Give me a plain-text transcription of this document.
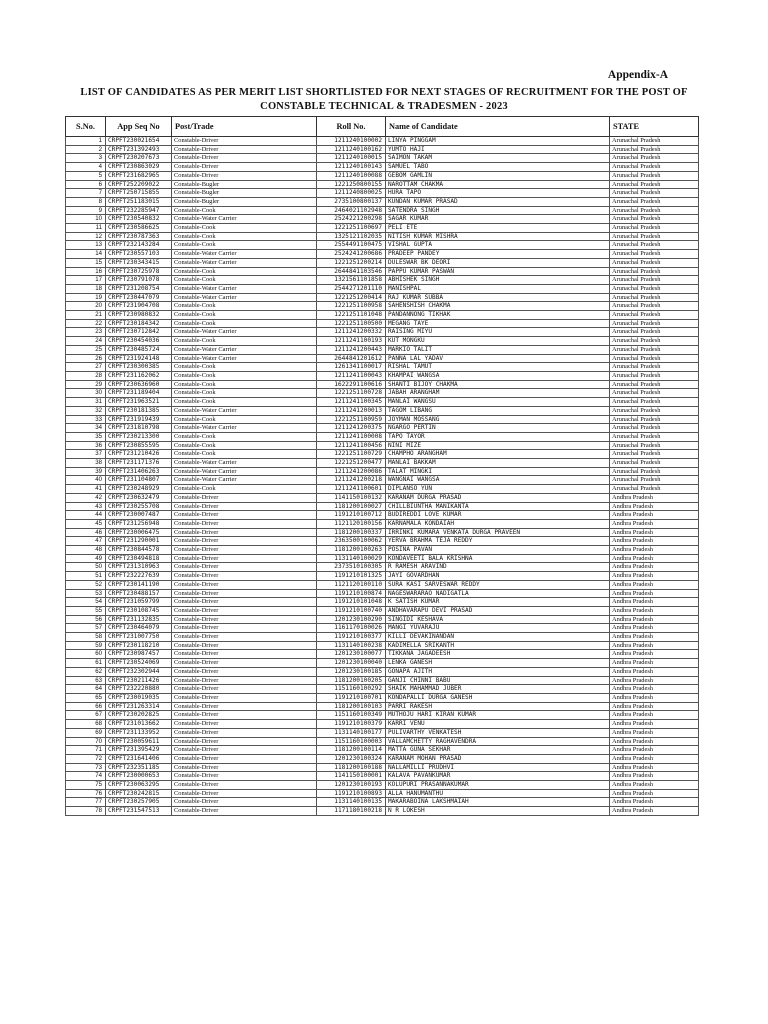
Appendix-A
LIST OF CANDIDATES AS PER MERIT LIST SHORTLISTED FOR NEXT STAGES OF RECRUITMENT FOR THE POST OF
CONSTABLE TECHNICAL & TRADESMEN - 2023
S.No.	App Seq No	Post/Trade	Roll No.	Name of Candidate	STATE
1	CRPFT230021654	Constable-Driver	1211240100002	LINYA PINGGAM	Arunachal Pradesh
2	CRPFT231392493	Constable-Driver	1211240100162	YUMTO HAJI	Arunachal Pradesh
3	CRPFT230207673	Constable-Driver	1211240100015	SAIMON TAKAM	Arunachal Pradesh
4	CRPFT230863029	Constable-Driver	1211240100143	SAMUEL TABO	Arunachal Pradesh
5	CRPFT231682965	Constable-Driver	1211240100088	GEBOM GAMLIN	Arunachal Pradesh
6	CRPFT252209022	Constable-Bugler	1221250800155	NAROTTAM CHAKMA	Arunachal Pradesh
7	CRPFT250715855	Constable-Bugler	1211240800025	HURA TAPO	Arunachal Pradesh
8	CRPFT251183015	Constable-Bugler	2735100800137	KUNDAN KUMAR PRASAD	Arunachal Pradesh
9	CRPFT232285947	Constable-Cook	2464021102948	SATENDRA SINGH	Arunachal Pradesh
10	CRPFT230540832	Constable-Water Carrier	2524221200298	SAGAR KUMAR	Arunachal Pradesh
11	CRPFT230586625	Constable-Cook	1221251100697	PELI ETE	Arunachal Pradesh
12	CRPFT230787363	Constable-Cook	1325121102035	NITISH KUMAR MISHRA	Arunachal Pradesh
13	CRPFT232143284	Constable-Cook	2554491100475	VISHAL GUPTA	Arunachal Pradesh
14	CRPFT230557103	Constable-Water Carrier	2524241200686	PRADEEP PANDEY	Arunachal Pradesh
15	CRPFT230343415	Constable-Water Carrier	1221251200214	DULESWAR BK DEORI	Arunachal Pradesh
16	CRPFT230725978	Constable-Cook	2644841103546	PAPPU KUMAR PASWAN	Arunachal Pradesh
17	CRPFT230791078	Constable-Cook	1321561101858	ABHISHEK SINGH	Arunachal Pradesh
18	CRPFT231208754	Constable-Water Carrier	2544271201110	MANISHPAL	Arunachal Pradesh
19	CRPFT230447079	Constable-Water Carrier	1221251200414	RAJ KUMAR SUBBA	Arunachal Pradesh
20	CRPFT231904708	Constable-Cook	1221251100958	SAHENSHISH CHAKMA	Arunachal Pradesh
21	CRPFT230980832	Constable-Cook	1221251101048	PANDANNONG TIKHAK	Arunachal Pradesh
22	CRPFT230184342	Constable-Cook	1221251100500	MEGANG TAYE	Arunachal Pradesh
23	CRPFT230712842	Constable-Water Carrier	1211241200332	RAISING MIYU	Arunachal Pradesh
24	CRPFT230454036	Constable-Cook	1211241100193	KUT MONGKU	Arunachal Pradesh
25	CRPFT230485724	Constable-Water Carrier	1211241200443	MARKIO TALIT	Arunachal Pradesh
26	CRPFT231924148	Constable-Water Carrier	2644841201612	PANNA LAL YADAV	Arunachal Pradesh
27	CRPFT230300385	Constable-Cook	1261341100017	RISHAL TAMUT	Arunachal Pradesh
28	CRPFT231162062	Constable-Cook	1211241100043	KHAMPAI WANGSA	Arunachal Pradesh
29	CRPFT230636960	Constable-Cook	1622291100616	SHANTI BIJOY CHAKMA	Arunachal Pradesh
30	CRPFT231189404	Constable-Cook	1221251100728	JABAH ARANGHAM	Arunachal Pradesh
31	CRPFT231963521	Constable-Cook	1211241100345	MANLAI WANGSU	Arunachal Pradesh
32	CRPFT230181385	Constable-Water Carrier	1211241200013	TAGOM LIBANG	Arunachal Pradesh
33	CRPFT231919439	Constable-Cook	1221251100959	JOYMAN MOSSANG	Arunachal Pradesh
34	CRPFT231810798	Constable-Water Carrier	1211241200375	NGARGO PERTIN	Arunachal Pradesh
35	CRPFT230213300	Constable-Cook	1211241100008	TAPO TAYOR	Arunachal Pradesh
36	CRPFT230855595	Constable-Cook	1211241100456	NINI MIZE	Arunachal Pradesh
37	CRPFT231210426	Constable-Cook	1221251100729	CHAMPHO ARANGHAM	Arunachal Pradesh
38	CRPFT231171376	Constable-Water Carrier	1221251200477	MANLAI BAKKAM	Arunachal Pradesh
39	CRPFT231406263	Constable-Water Carrier	1211241200086	TALAT MINGKI	Arunachal Pradesh
40	CRPFT231104807	Constable-Water Carrier	1211241200218	WANGNAI WANGSA	Arunachal Pradesh
41	CRPFT230248929	Constable-Cook	1211241100601	DIPLANSO YUN	Arunachal Pradesh
42	CRPFT230632479	Constable-Driver	1141150100132	KARANAM DURGA PRASAD	Andhra Pradesh
43	CRPFT230255708	Constable-Driver	1181200100027	CHILLBIUNTHA MANIKANTA	Andhra Pradesh
44	CRPFT230007487	Constable-Driver	1191210100712	BUDIREDDI LOVE KUMAR	Andhra Pradesh
45	CRPFT231256948	Constable-Driver	1121120100156	KARNAMALA KONDAIAH	Andhra Pradesh
46	CRPFT230006475	Constable-Driver	1181200100337	IRRINKI KUMARA VENKATA DURGA PRAVEEN	Andhra Pradesh
47	CRPFT231290001	Constable-Driver	2363500100062	YERVA BRAHMA TEJA REDDY	Andhra Pradesh
48	CRPFT230844578	Constable-Driver	1181200100263	POSINA PAVAN	Andhra Pradesh
49	CRPFT230494818	Constable-Driver	1131140100029	KONDAVEETI BALA KRISHNA	Andhra Pradesh
50	CRPFT231310963	Constable-Driver	2373510100305	R RAMESH ARAVIND	Andhra Pradesh
51	CRPFT232227639	Constable-Driver	1191210101325	JAYI GOVARDHAN	Andhra Pradesh
52	CRPFT230141190	Constable-Driver	1121120100110	SURA KASI SARVESWAR REDDY	Andhra Pradesh
53	CRPFT230488157	Constable-Driver	1191210100874	NAGESWARARAO NADIGATLA	Andhra Pradesh
54	CRPFT231059799	Constable-Driver	1191210101048	K SATISH KUMAR	Andhra Pradesh
55	CRPFT230108745	Constable-Driver	1191210100740	ANDHAVARAPU DEVI PRASAD	Andhra Pradesh
56	CRPFT231132835	Constable-Driver	1201230100290	SINGIDI KESHAVA	Andhra Pradesh
57	CRPFT230464079	Constable-Driver	1161170100026	MANGI YUVARAJU	Andhra Pradesh
58	CRPFT231007750	Constable-Driver	1191210100377	KILLI DEVAKINANDAN	Andhra Pradesh
59	CRPFT230118210	Constable-Driver	1131140100238	KADIMELLA SRIKANTH	Andhra Pradesh
60	CRPFT230987457	Constable-Driver	1201230100077	TIKKANA JAGADEESH	Andhra Pradesh
61	CRPFT230524069	Constable-Driver	1201230100040	LENKA GANESH	Andhra Pradesh
62	CRPFT232302944	Constable-Driver	1201230100185	GONAPA AJITH	Andhra Pradesh
63	CRPFT230211426	Constable-Driver	1181200100205	GANJI CHINNI BABU	Andhra Pradesh
64	CRPFT232220880	Constable-Driver	1151160100292	SHAIK MAHAMMAD JUBER	Andhra Pradesh
65	CRPFT230019035	Constable-Driver	1191210100701	KONDAPALLI DURGA GANESH	Andhra Pradesh
66	CRPFT231263314	Constable-Driver	1181200100103	PARRI RAKESH	Andhra Pradesh
67	CRPFT230202825	Constable-Driver	1151160100349	MUTHOJU HARI KIRAN KUMAR	Andhra Pradesh
68	CRPFT231013662	Constable-Driver	1191210100379	KARRI VENU	Andhra Pradesh
69	CRPFT231133952	Constable-Driver	1131140100177	PULIVARTHY VENKATESH	Andhra Pradesh
70	CRPFT230059611	Constable-Driver	1151160100003	VALLAMCHETTY RAGHAVENDRA	Andhra Pradesh
71	CRPFT231395429	Constable-Driver	1181200100114	MATTA GUNA SEKHAR	Andhra Pradesh
72	CRPFT231641406	Constable-Driver	1201230100324	KARANAM MOHAN PRASAD	Andhra Pradesh
73	CRPFT232351185	Constable-Driver	1181200100188	NALLAMILLI PRUDHVI	Andhra Pradesh
74	CRPFT230000653	Constable-Driver	1141150100001	KALAVA PAVANKUMAR	Andhra Pradesh
75	CRPFT230063295	Constable-Driver	1201230100193	KOLUPURI PRASANNAKUMAR	Andhra Pradesh
76	CRPFT230242815	Constable-Driver	1191210100893	ALLA HANUMANTHU	Andhra Pradesh
77	CRPFT230257905	Constable-Driver	1131140100135	MAKARABOINA LAKSHMAIAH	Andhra Pradesh
78	CRPFT231547513	Constable-Driver	1171180100218	N R LOKESH	Andhra Pradesh
